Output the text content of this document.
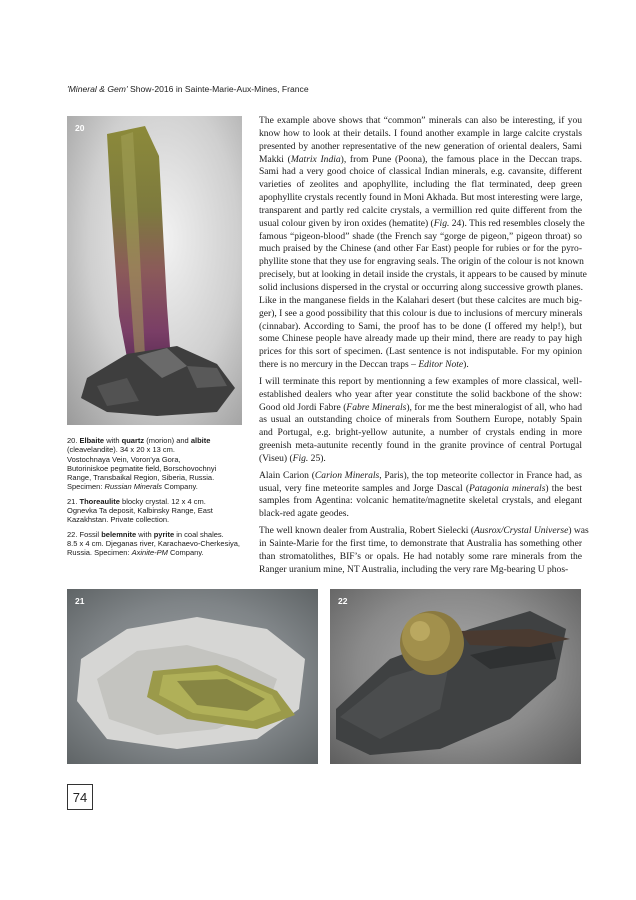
'Mineral & Gem' Show-2016 in Sainte-Marie-Aux-Mines, France
20

20. Elbaite with quartz (morion) and albite
(cleavelandite). 34 x 20 x 13 cm.
Vostochnaya Vein, Voron'ya Gora,
Butoriniskoe pegmatite field, Borschovochnyi
Range, Transbaikal Region, Siberia, Russia.
Specimen: Russian Minerals Company.

21. Thoreaulite blocky crystal. 12 x 4 cm.
Ognevka Ta deposit, Kalbinsky Range, East
Kazakhstan. Private collection.

22. Fossil belemnite with pyrite in coal shales.
8.5 x 4 cm. Djeganas river, Karachaevo-Cherkesiya,
Russia. Specimen: Axinite-PM Company.

The example above shows that “common” minerals can also be interesting, if you
know how to look at their details. I found another example in large calcite crystals
presented by another representative of the new generation of oriental dealers, Sami
Makki (Matrix India), from Pune (Poona), the famous place in the Deccan traps.
Sami had a very good choice of classical Indian minerals, e.g. cavansite, different
varieties of zeolites and apophyllite, including the flat terminated, deep green
apophyllite crystals recently found in Moni Akhada. But most interesting were large,
transparent and partly red calcite crystals, a vermillion red quite different from the
usual colour given by iron oxides (hematite) (Fig. 24). This red resembles closely the
famous “pigeon-blood” shade (the French say “gorge de pigeon,” pigeon throat) so
much praised by the Chinese (and other Far East) people for rubies or for the pyro-
phyllite stone that they use for engraving seals. The origin of the colour is not known
precisely, but at looking in detail inside the crystals, it appears to be caused by minute
solid inclusions dispersed in the crystal or occurring along successive growth planes.
Like in the manganese fields in the Kalahari desert (but these calcites are much big-
ger), I see a good possibility that this colour is due to inclusions of mercury minerals
(cinnabar). According to Sami, the proof has to be done (I offered my help!), but
some Chinese people have already made up their mind, there are ready to pay high
prices for this sort of specimen. (Last sentence is not indisputable. For my opinion
there is no mercury in the Deccan traps – Editor Note).

I will terminate this report by mentionning a few examples of more classical, well-
established dealers who year after year constitute the solid backbone of the show:
Good old Jordi Fabre (Fabre Minerals), for me the best mineralogist of all, who had
as usual an outstanding choice of minerals from Southern Europe, notably Spain
and Portugal, e.g. bright-yellow autunite, a number of crystals ending in more
greenish meta-autunite recently found in the granite province of central Portugal
(Viseu) (Fig. 25).

Alain Carion (Carion Minerals, Paris), the top meteorite collector in France had, as
usual, very fine meteorite samples and Jorge Dascal (Patagonia minerals) the best
samples from Agentina: volcanic hematite/magnetite skeletal crystals, and elegant
black-red agate geodes.

The well known dealer from Australia, Robert Sielecki (Ausrox/Crystal Universe) was
in Sainte-Marie for the first time, to demonstrate that Australia has something other
than stromatolithes, BIF’s or opals. He had notably some rare minerals from the
Ranger uranium mine, NT Australia, including the very rare Mg-bearing U phos-

21	22
74
